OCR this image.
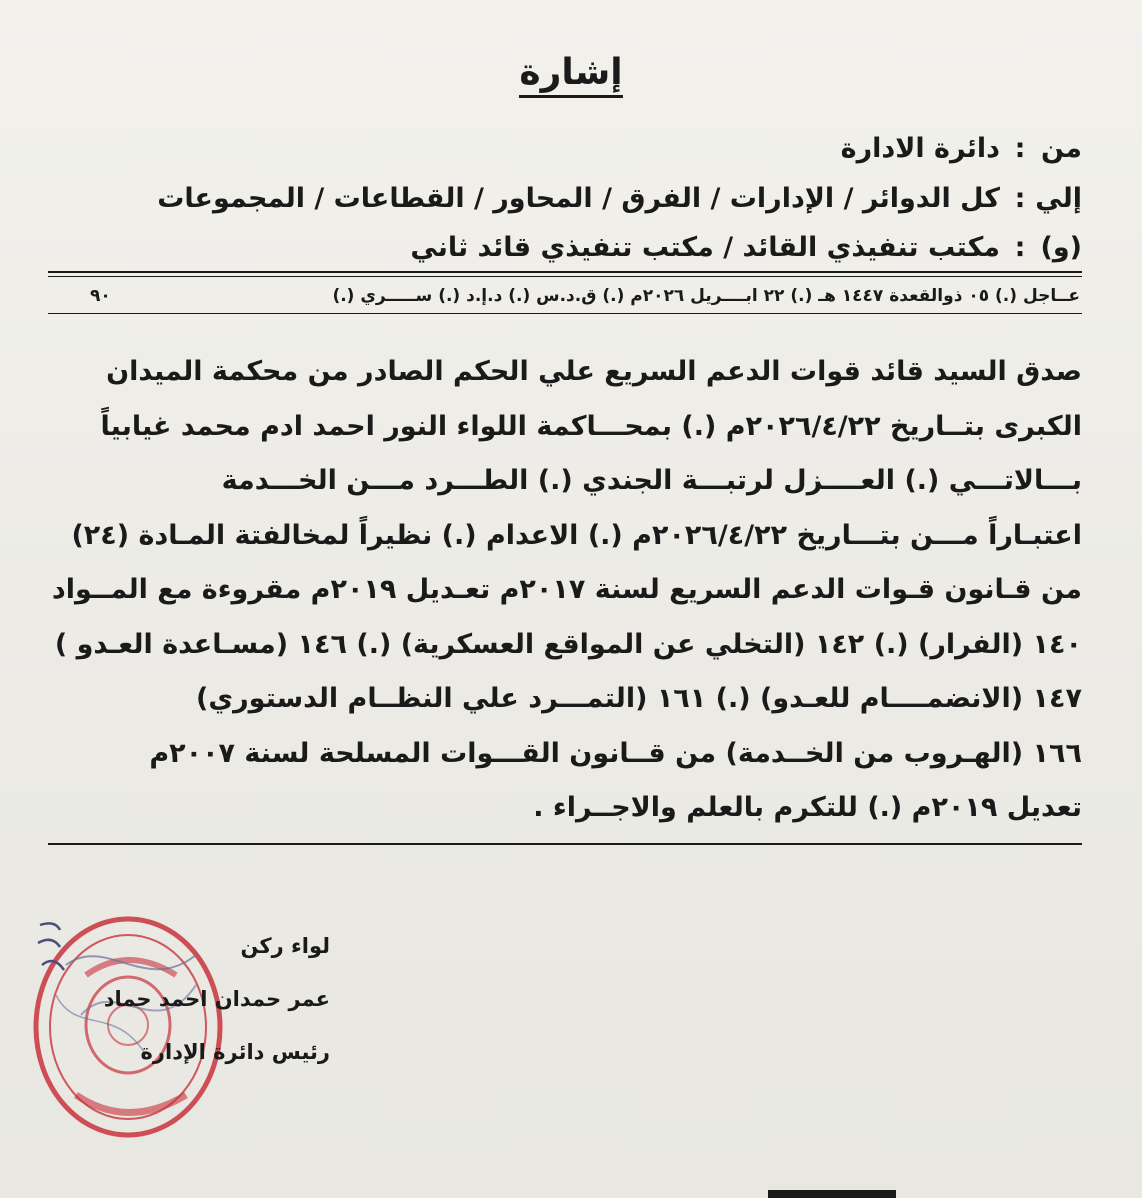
إشارة
من:دائرة الادارة
إلي:كل الدوائر / الإدارات / الفرق / المحاور / القطاعات / المجموعات
(و):مكتب تنفيذي القائد / مكتب تنفيذي قائد ثاني
عــاجل (.) ٠٥ ذوالقعدة ١٤٤٧ هـ (.) ٢٢ ابــــريل ٢٠٢٦م (.) ق.د.س (.) د.إ.د (.) ســـــري (.)
٩٠
صدق السيد قائد قوات الدعم السريع علي الحكم الصادر من محكمة الميدان
الكبرى بتــاريخ ٢٠٢٦/٤/٢٢م (.) بمحـــاكمة اللواء النور احمد ادم محمد غيابياً
بـــالاتـــي (.) العــــزل لرتبـــة الجندي (.) الطـــرد مـــن الخـــدمة
اعتبـاراً مـــن بتـــاريخ ٢٠٢٦/٤/٢٢م (.) الاعدام (.) نظيراً لمخالفتة المـادة (٢٤)
من قـانون قـوات الدعم السريع لسنة ٢٠١٧م تعـديل ٢٠١٩م مقروءة مع المــواد
١٤٠ (الفرار) (.) ١٤٢ (التخلي عن المواقع العسكرية) (.) ١٤٦ (مسـاعدة العـدو )
١٤٧ (الانضمــــام للعـدو) (.) ١٦١ (التمـــرد علي النظــام الدستوري)
١٦٦ (الهـروب من الخــدمة) من قــانون القـــوات المسلحة لسنة ٢٠٠٧م
تعديل ٢٠١٩م (.) للتكرم بالعلم والاجــراء .
لواء ركن
عمر حمدان احمد حماد
رئيس دائرة الإدارة
